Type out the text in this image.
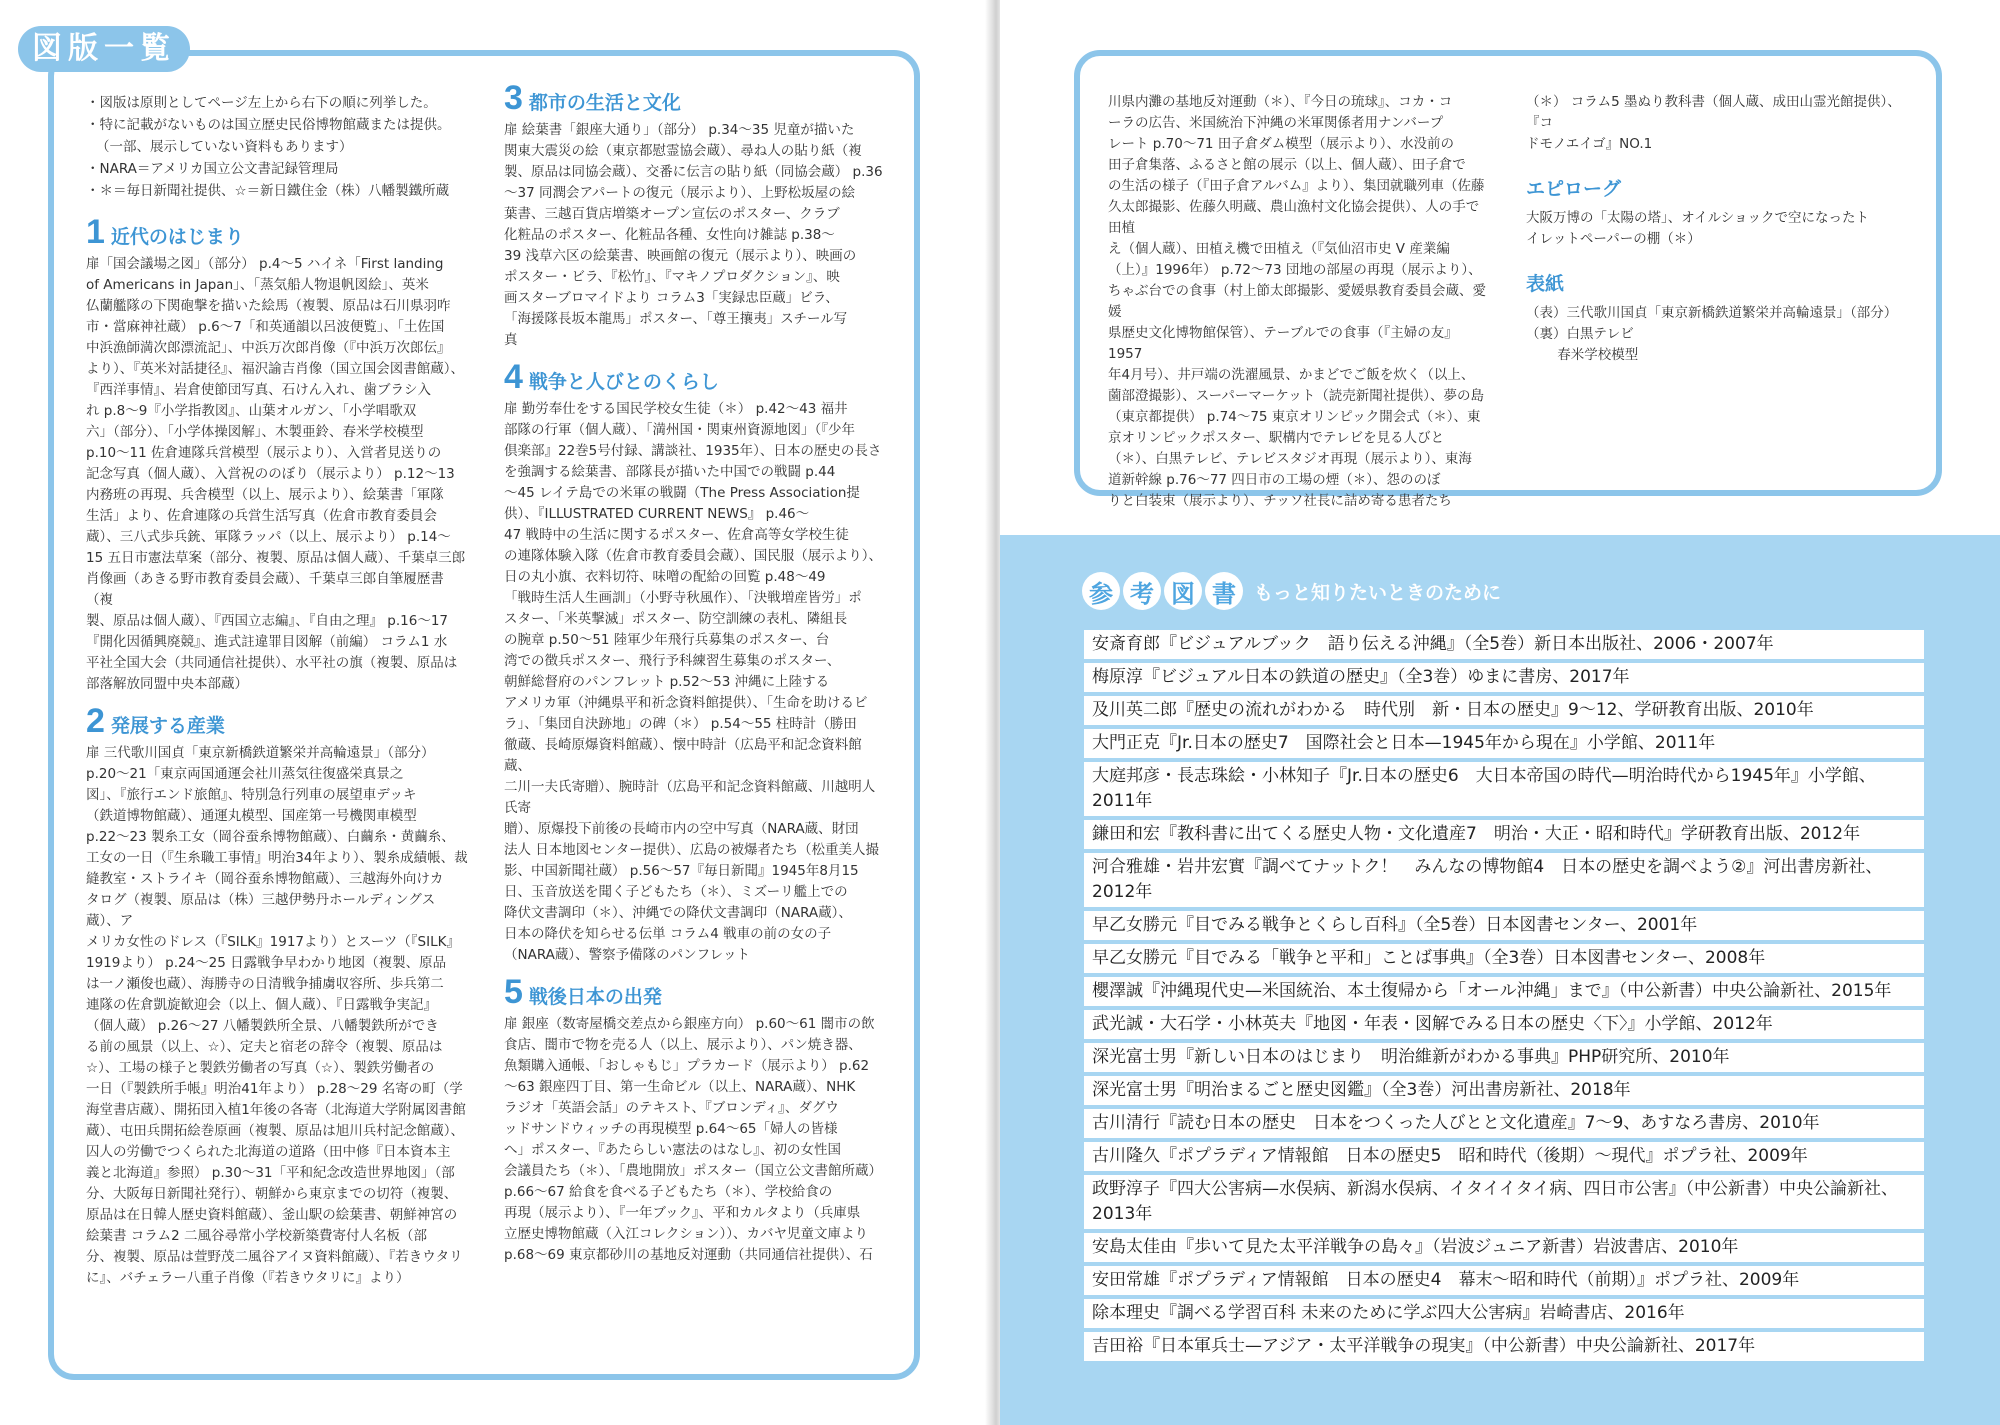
図版一覧

・図版は原則としてページ左上から右下の順に列挙した。

・特に記載がないものは国立歴史民俗博物館蔵または提供。

（一部、展示していない資料もあります）

・NARA＝アメリカ国立公文書記録管理局

・＊＝毎日新聞社提供、☆＝新日鐵住金（株）八幡製鐵所蔵

1 近代のはじまり

扉「国会議場之図」（部分） p.4〜5 ハイネ「First landing

of Americans in Japan」、「蒸気船人物退帆図絵」、英米

仏蘭艦隊の下関砲撃を描いた絵馬（複製、原品は石川県羽咋

市・當麻神社蔵） p.6〜7「和英通韻以呂波便覧」、「土佐国

中浜漁師満次郎漂流記」、中浜万次郎肖像（『中浜万次郎伝』

より）、『英米対話捷径』、福沢諭吉肖像（国立国会図書館蔵）、

『西洋事情』、岩倉使節団写真、石けん入れ、歯ブラシ入

れ p.8〜9『小学指教図』、山葉オルガン、「小学唱歌双

六」（部分）、「小学体操図解」、木製亜鈴、春米学校模型

p.10〜11 佐倉連隊兵営模型（展示より）、入営者見送りの

記念写真（個人蔵）、入営祝ののぼり（展示より） p.12〜13

内務班の再現、兵舎模型（以上、展示より）、絵葉書「軍隊

生活」より、佐倉連隊の兵営生活写真（佐倉市教育委員会

蔵）、三八式歩兵銃、軍隊ラッパ（以上、展示より） p.14〜

15 五日市憲法草案（部分、複製、原品は個人蔵）、千葉卓三郎

肖像画（あきる野市教育委員会蔵）、千葉卓三郎自筆履歴書（複

製、原品は個人蔵）、『西国立志編』、『自由之理』 p.16〜17

『開化因循興廃競』、進式註違罪目図解（前編） コラム1 水

平社全国大会（共同通信社提供）、水平社の旗（複製、原品は

部落解放同盟中央本部蔵）

2 発展する産業

扉 三代歌川国貞「東京新橋鉄道繁栄并高輪遠景」（部分）

p.20〜21「東京両国通運会社川蒸気往復盛栄真景之

図」、『旅行エンド旅館』、特別急行列車の展望車デッキ

（鉄道博物館蔵）、通運丸模型、国産第一号機関車模型

p.22〜23 製糸工女（岡谷蚕糸博物館蔵）、白繭糸・黄繭糸、

工女の一日（『生糸職工事情』明治34年より）、製糸成績帳、裁

縫教室・ストライキ（岡谷蚕糸博物館蔵）、三越海外向けカ

タログ（複製、原品は（株）三越伊勢丹ホールディングス蔵）、ア

メリカ女性のドレス（『SILK』1917より）とスーツ（『SILK』

1919より） p.24〜25 日露戦争早わかり地図（複製、原品

は一ノ瀬俊也蔵）、海勝寺の日清戦争捕虜収容所、歩兵第二

連隊の佐倉凱旋歓迎会（以上、個人蔵）、『日露戦争実記』

（個人蔵） p.26〜27 八幡製鉄所全景、八幡製鉄所ができ

る前の風景（以上、☆）、定夫と宿老の辞令（複製、原品は

☆）、工場の様子と製鉄労働者の写真（☆）、製鉄労働者の

一日（『製鉄所手帳』明治41年より） p.28〜29 名寄の町（学

海堂書店蔵）、開拓団入植1年後の各寄（北海道大学附属図書館

蔵）、屯田兵開拓絵巻原画（複製、原品は旭川兵村記念館蔵）、

囚人の労働でつくられた北海道の道路（田中修『日本資本主

義と北海道』参照） p.30〜31「平和紀念改造世界地図」（部

分、大阪毎日新聞社発行）、朝鮮から東京までの切符（複製、

原品は在日韓人歴史資料館蔵）、釜山駅の絵葉書、朝鮮神宮の

絵葉書 コラム2 二風谷尋常小学校新築費寄付人名板（部

分、複製、原品は萱野茂二風谷アイヌ資料館蔵）、『若きウタリ

に』、バチェラー八重子肖像（『若きウタリに』より）

3 都市の生活と文化

扉 絵葉書「銀座大通り」（部分） p.34〜35 児童が描いた

関東大震災の絵（東京都慰霊協会蔵）、尋ね人の貼り紙（複

製、原品は同協会蔵）、交番に伝言の貼り紙（同協会蔵） p.36

〜37 同潤会アパートの復元（展示より）、上野松坂屋の絵

葉書、三越百貨店増築オープン宣伝のポスター、クラブ

化粧品のポスター、化粧品各種、女性向け雑誌 p.38〜

39 浅草六区の絵葉書、映画館の復元（展示より）、映画の

ポスター・ビラ、『松竹』、『マキノプロダクション』、映

画スターブロマイドより コラム3「実録忠臣蔵」ビラ、

「海援隊長坂本龍馬」ポスター、「尊王攘夷」スチール写

真

4 戦争と人びとのくらし

扉 勤労奉仕をする国民学校女生徒（＊） p.42〜43 福井

部隊の行軍（個人蔵）、「満州国・関東州資源地図」（『少年

倶楽部』22巻5号付録、講談社、1935年）、日本の歴史の長さ

を強調する絵葉書、部隊長が描いた中国での戦闘 p.44

〜45 レイテ島での米軍の戦闘（The Press Association提

供）、『ILLUSTRATED CURRENT NEWS』 p.46〜

47 戦時中の生活に関するポスター、佐倉高等女学校生徒

の連隊体験入隊（佐倉市教育委員会蔵）、国民服（展示より）、

日の丸小旗、衣料切符、味噌の配給の回覧 p.48〜49

「戦時生活人生画訓」（小野寺秋風作）、「決戦増産皆労」ポ

スター、「米英撃滅」ポスター、防空訓練の表札、隣組長

の腕章 p.50〜51 陸軍少年飛行兵募集のポスター、台

湾での徴兵ポスター、飛行予科練習生募集のポスター、

朝鮮総督府のパンフレット p.52〜53 沖縄に上陸する

アメリカ軍（沖縄県平和祈念資料館提供）、「生命を助けるビ

ラ」、「集団自決跡地」の碑（＊） p.54〜55 柱時計（勝田

徹蔵、長崎原爆資料館蔵）、懐中時計（広島平和記念資料館蔵、

二川一夫氏寄贈）、腕時計（広島平和記念資料館蔵、川越明人氏寄

贈）、原爆投下前後の長崎市内の空中写真（NARA蔵、財団

法人 日本地図センター提供）、広島の被爆者たち（松重美人撮

影、中国新聞社蔵） p.56〜57『毎日新聞』1945年8月15

日、玉音放送を聞く子どもたち（＊）、ミズーリ艦上での

降伏文書調印（＊）、沖縄での降伏文書調印（NARA蔵）、

日本の降伏を知らせる伝単 コラム4 戦車の前の女の子

（NARA蔵）、警察予備隊のパンフレット

5 戦後日本の出発

扉 銀座（数寄屋橋交差点から銀座方向） p.60〜61 闇市の飲

食店、闇市で物を売る人（以上、展示より）、パン焼き器、

魚類購入通帳、「おしゃもじ」プラカード（展示より） p.62

〜63 銀座四丁目、第一生命ビル（以上、NARA蔵）、NHK

ラジオ「英語会話」のテキスト、『ブロンディ』、ダグウ

ッドサンドウィッチの再現模型 p.64〜65「婦人の皆様

へ」ポスター、『あたらしい憲法のはなし』、初の女性国

会議員たち（＊）、「農地開放」ポスター（国立公文書館所蔵）

p.66〜67 給食を食べる子どもたち（＊）、学校給食の

再現（展示より）、『一年ブック』、平和カルタより（兵庫県

立歴史博物館蔵（入江コレクション））、カバヤ児童文庫より

p.68〜69 東京都砂川の基地反対運動（共同通信社提供）、石

川県内灘の基地反対運動（＊）、『今日の琉球』、コカ・コ

ーラの広告、米国統治下沖縄の米軍関係者用ナンバープ

レート p.70〜71 田子倉ダム模型（展示より）、水没前の

田子倉集落、ふるさと館の展示（以上、個人蔵）、田子倉で

の生活の様子（『田子倉アルバム』より）、集団就職列車（佐藤

久太郎撮影、佐藤久明蔵、農山漁村文化協会提供）、人の手で田植

え（個人蔵）、田植え機で田植え（『気仙沼市史 V 産業編

（上）』1996年） p.72〜73 団地の部屋の再現（展示より）、

ちゃぶ台での食事（村上節太郎撮影、愛媛県教育委員会蔵、愛媛

県歴史文化博物館保管）、テーブルでの食事（『主婦の友』1957

年4月号）、井戸端の洗濯風景、かまどでご飯を炊く（以上、

薗部澄撮影）、スーパーマーケット（読売新聞社提供）、夢の島

（東京都提供） p.74〜75 東京オリンピック開会式（＊）、東

京オリンピックポスター、駅構内でテレビを見る人びと

（＊）、白黒テレビ、テレビスタジオ再現（展示より）、東海

道新幹線 p.76〜77 四日市の工場の煙（＊）、怨ののぼ

りと白装束（展示より）、チッソ社長に詰め寄る患者たち

（＊） コラム5 墨ぬり教科書（個人蔵、成田山霊光館提供）、『コ

ドモノエイゴ』NO.1

エピローグ

大阪万博の「太陽の塔」、オイルショックで空になったト

イレットペーパーの棚（＊）

表紙

（表）三代歌川国貞「東京新橋鉄道繁栄并高輪遠景」（部分）

（裏）白黒テレビ

　　 春米学校模型

参 考 図 書 もっと知りたいときのために
安斎育郎『ビジュアルブック　語り伝える沖縄』（全5巻）新日本出版社、2006・2007年
梅原淳『ビジュアル日本の鉄道の歴史』（全3巻）ゆまに書房、2017年
及川英二郎『歴史の流れがわかる　時代別　新・日本の歴史』9〜12、学研教育出版、2010年
大門正克『Jr.日本の歴史7　国際社会と日本—1945年から現在』小学館、2011年
大庭邦彦・長志珠絵・小林知子『Jr.日本の歴史6　大日本帝国の時代—明治時代から1945年』小学館、2011年
鎌田和宏『教科書に出てくる歴史人物・文化遺産7　明治・大正・昭和時代』学研教育出版、2012年
河合雅雄・岩井宏實『調べてナットク！　みんなの博物館4　日本の歴史を調べよう②』河出書房新社、2012年
早乙女勝元『目でみる戦争とくらし百科』（全5巻）日本図書センター、2001年
早乙女勝元『目でみる「戦争と平和」ことば事典』（全3巻）日本図書センター、2008年
櫻澤誠『沖縄現代史—米国統治、本土復帰から「オール沖縄」まで』（中公新書）中央公論新社、2015年
武光誠・大石学・小林英夫『地図・年表・図解でみる日本の歴史〈下〉』小学館、2012年
深光富士男『新しい日本のはじまり　明治維新がわかる事典』PHP研究所、2010年
深光富士男『明治まるごと歴史図鑑』（全3巻）河出書房新社、2018年
古川清行『読む日本の歴史　日本をつくった人びとと文化遺産』7〜9、あすなろ書房、2010年
古川隆久『ポプラディア情報館　日本の歴史5　昭和時代（後期）〜現代』ポプラ社、2009年
政野淳子『四大公害病—水俣病、新潟水俣病、イタイイタイ病、四日市公害』（中公新書）中央公論新社、2013年
安島太佳由『歩いて見た太平洋戦争の島々』（岩波ジュニア新書）岩波書店、2010年
安田常雄『ポプラディア情報館　日本の歴史4　幕末〜昭和時代（前期）』ポプラ社、2009年
除本理史『調べる学習百科 未来のために学ぶ四大公害病』岩崎書店、2016年
吉田裕『日本軍兵士—アジア・太平洋戦争の現実』（中公新書）中央公論新社、2017年
